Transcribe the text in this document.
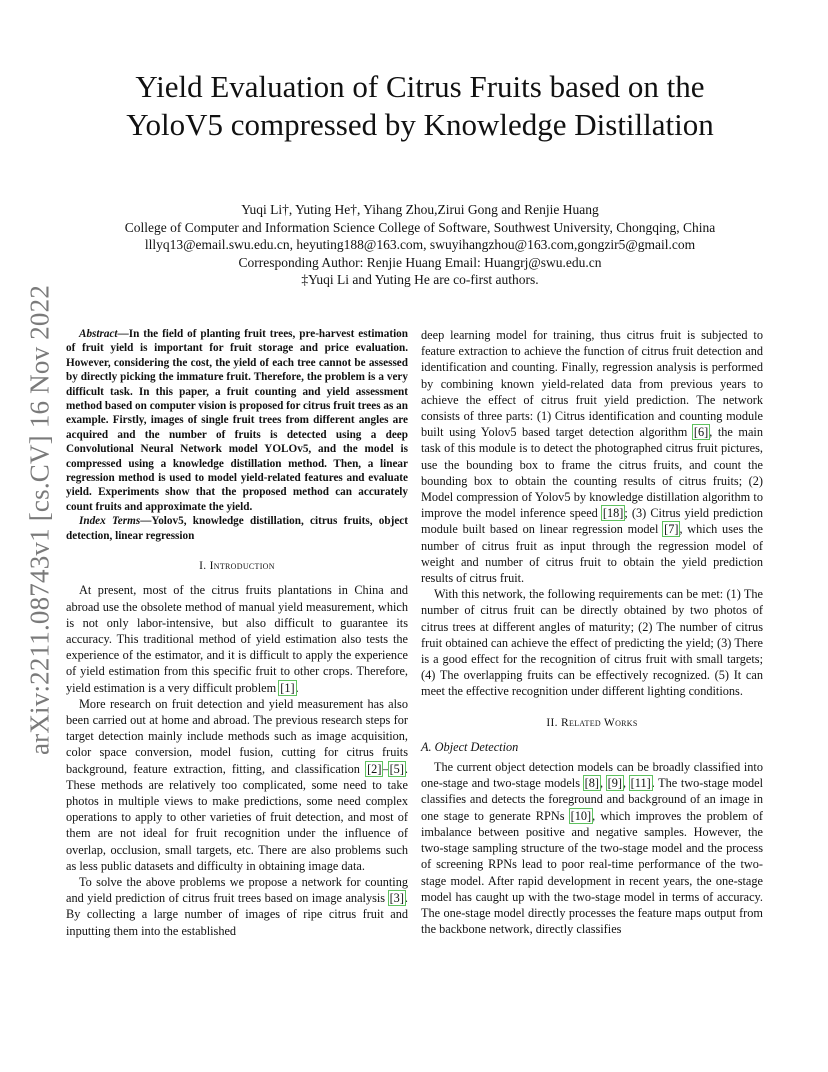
arXiv:2211.08743v1 [cs.CV] 16 Nov 2022
Yield Evaluation of Citrus Fruits based on the
YoloV5 compressed by Knowledge Distillation
Yuqi Li†, Yuting He†, Yihang Zhou,Zirui Gong and Renjie Huang
College of Computer and Information Science College of Software, Southwest University, Chongqing, China
lllyq13@email.swu.edu.cn, heyuting188@163.com, swuyihangzhou@163.com,gongzir5@gmail.com
Corresponding Author: Renjie Huang Email: Huangrj@swu.edu.cn
‡Yuqi Li and Yuting He are co-first authors.

Abstract—In the field of planting fruit trees, pre-harvest estimation of fruit yield is important for fruit storage and price evaluation. However, considering the cost, the yield of each tree cannot be assessed by directly picking the immature fruit. Therefore, the problem is a very difficult task. In this paper, a fruit counting and yield assessment method based on computer vision is proposed for citrus fruit trees as an example. Firstly, images of single fruit trees from different angles are acquired and the number of fruits is detected using a deep Convolutional Neural Network model YOLOv5, and the model is compressed using a knowledge distillation method. Then, a linear regression method is used to model yield-related features and evaluate yield. Experiments show that the proposed method can accurately count fruits and approximate the yield.

Index Terms—Yolov5, knowledge distillation, citrus fruits, object detection, linear regression

I. Introduction

At present, most of the citrus fruits plantations in China and abroad use the obsolete method of manual yield measurement, which is not only labor-intensive, but also difficult to guarantee its accuracy. This traditional method of yield estimation also tests the experience of the estimator, and it is difficult to apply the experience of yield estimation from this specific fruit to other crops. Therefore, yield estimation is a very difficult problem [1].

More research on fruit detection and yield measurement has also been carried out at home and abroad. The previous research steps for target detection mainly include methods such as image acquisition, color space conversion, model fusion, cutting for citrus fruits background, feature extraction, fitting, and classification [2]–[5]. These methods are relatively too complicated, some need to take photos in multiple views to make predictions, some need complex operations to apply to other varieties of fruit detection, and most of them are not ideal for fruit recognition under the influence of overlap, occlusion, small targets, etc. There are also problems such as less public datasets and difficulty in obtaining image data.

To solve the above problems we propose a network for counting and yield prediction of citrus fruit trees based on image analysis [3]. By collecting a large number of images of ripe citrus fruit and inputting them into the established

deep learning model for training, thus citrus fruit is subjected to feature extraction to achieve the function of citrus fruit detection and identification and counting. Finally, regression analysis is performed by combining known yield-related data from previous years to achieve the effect of citrus fruit yield prediction. The network consists of three parts: (1) Citrus identification and counting module built using Yolov5 based target detection algorithm [6], the main task of this module is to detect the photographed citrus fruit pictures, use the bounding box to frame the citrus fruits, and count the bounding box to obtain the counting results of citrus fruits; (2) Model compression of Yolov5 by knowledge distillation algorithm to improve the model inference speed [18]; (3) Citrus yield prediction module built based on linear regression model [7], which uses the number of citrus fruit as input through the regression model of weight and number of citrus fruit to obtain the yield prediction results of citrus fruit.

With this network, the following requirements can be met: (1) The number of citrus fruit can be directly obtained by two photos of citrus trees at different angles of maturity; (2) The number of citrus fruit obtained can achieve the effect of predicting the yield; (3) There is a good effect for the recognition of citrus fruit with small targets; (4) The overlapping fruits can be effectively recognized. (5) It can meet the effective recognition under different lighting conditions.

II. Related Works
A. Object Detection

The current object detection models can be broadly classified into one-stage and two-stage models [8], [9], [11]. The two-stage model classifies and detects the foreground and background of an image in one stage to generate RPNs [10], which improves the problem of imbalance between positive and negative samples. However, the two-stage sampling structure of the two-stage model and the process of screening RPNs lead to poor real-time performance of the two-stage model. After rapid development in recent years, the one-stage model has caught up with the two-stage model in terms of accuracy. The one-stage model directly processes the feature maps output from the backbone network, directly classifies
